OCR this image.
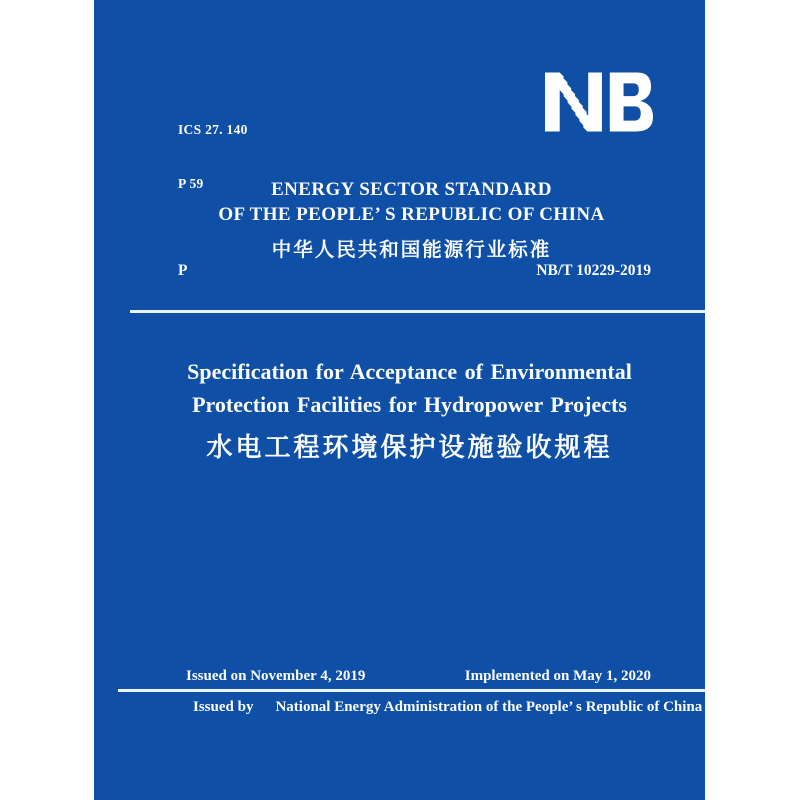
ICS 27. 140

P 59

	ENERGY SECTOR STANDARD
OF THE PEOPLE’ S REPUBLIC OF CHINA
中华人民共和国能源行业标准
P	NB/T 10229-2019
Specification for Acceptance of Environmental
Protection Facilities for Hydropower Projects
水电工程环境保护设施验收规程
Issued on November 4, 2019	Implemented on May 1, 2020
Issued by National Energy Administration of the People’ s Republic of China
